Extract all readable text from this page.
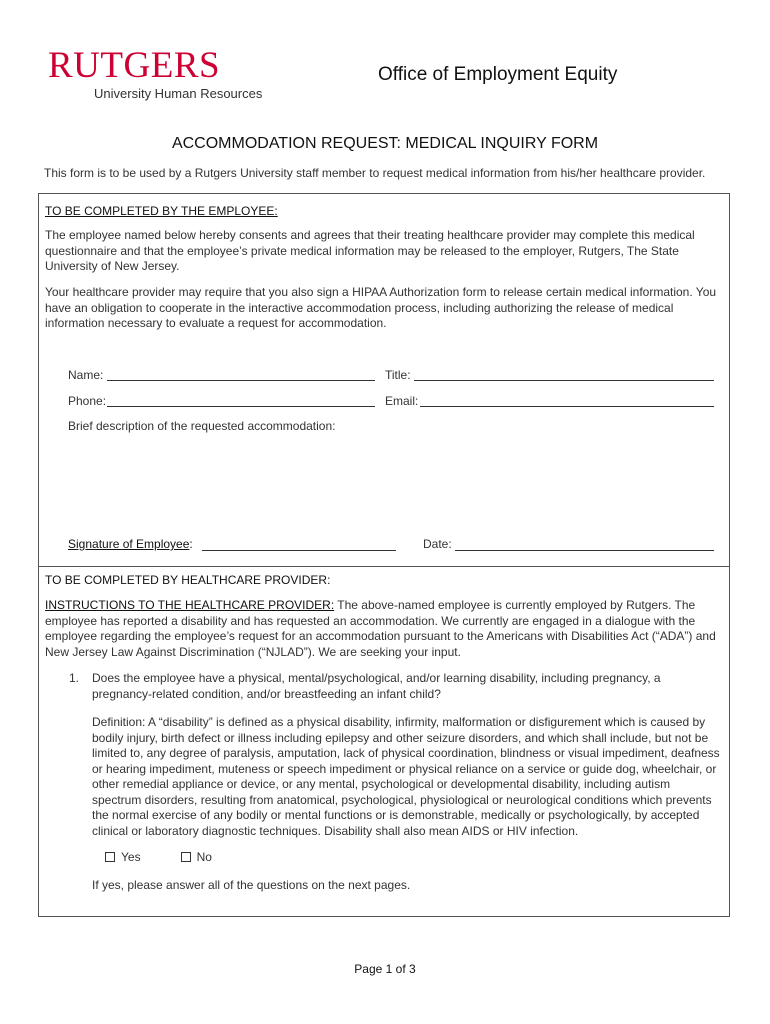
RUTGERS
University Human Resources
Office of Employment Equity
ACCOMMODATION REQUEST: MEDICAL INQUIRY FORM
This form is to be used by a Rutgers University staff member to request medical information from his/her healthcare provider.
TO BE COMPLETED BY THE EMPLOYEE:
The employee named below hereby consents and agrees that their treating healthcare provider may complete this medical questionnaire and that the employee’s private medical information may be released to the employer, Rutgers, The State University of New Jersey.
Your healthcare provider may require that you also sign a HIPAA Authorization form to release certain medical information. You have an obligation to cooperate in the interactive accommodation process, including authorizing the release of medical information necessary to evaluate a request for accommodation.
Name:	Title:
Phone:	Email:
Brief description of the requested accommodation:
Signature of Employee:	Date:
TO BE COMPLETED BY HEALTHCARE PROVIDER:
INSTRUCTIONS TO THE HEALTHCARE PROVIDER: The above-named employee is currently employed by Rutgers. The employee has reported a disability and has requested an accommodation. We currently are engaged in a dialogue with the employee regarding the employee’s request for an accommodation pursuant to the Americans with Disabilities Act (“ADA”) and New Jersey Law Against Discrimination (“NJLAD”). We are seeking your input.
1. Does the employee have a physical, mental/psychological, and/or learning disability, including pregnancy, a pregnancy-related condition, and/or breastfeeding an infant child?
Definition: A “disability” is defined as a physical disability, infirmity, malformation or disfigurement which is caused by bodily injury, birth defect or illness including epilepsy and other seizure disorders, and which shall include, but not be limited to, any degree of paralysis, amputation, lack of physical coordination, blindness or visual impediment, deafness or hearing impediment, muteness or speech impediment or physical reliance on a service or guide dog, wheelchair, or other remedial appliance or device, or any mental, psychological or developmental disability, including autism spectrum disorders, resulting from anatomical, psychological, physiological or neurological conditions which prevents the normal exercise of any bodily or mental functions or is demonstrable, medically or psychologically, by accepted clinical or laboratory diagnostic techniques. Disability shall also mean AIDS or HIV infection.
Yes	No
If yes, please answer all of the questions on the next pages.
Page 1 of 3
